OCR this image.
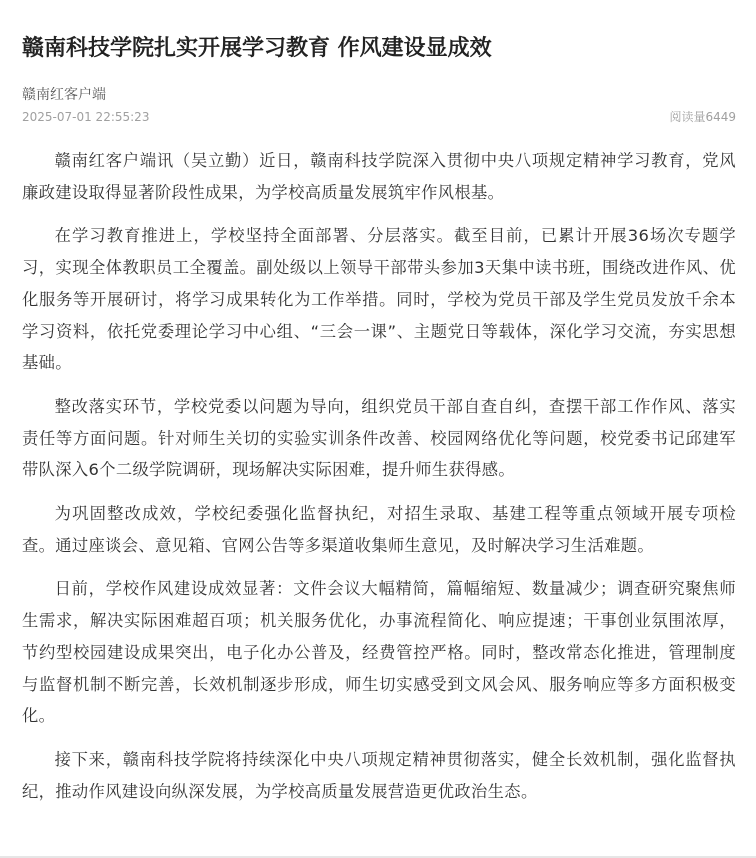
赣南科技学院扎实开展学习教育 作风建设显成效
赣南红客户端
2025-07-01 22:55:23	阅读量6449

赣南红客户端讯（吴立勤）近日，赣南科技学院深入贯彻中央八项规定精神学习教育，党风廉政建设取得显著阶段性成果，为学校高质量发展筑牢作风根基。

在学习教育推进上，学校坚持全面部署、分层落实。截至目前，已累计开展36场次专题学习，实现全体教职员工全覆盖。副处级以上领导干部带头参加3天集中读书班，围绕改进作风、优化服务等开展研讨，将学习成果转化为工作举措。同时，学校为党员干部及学生党员发放千余本学习资料，依托党委理论学习中心组、“三会一课”、主题党日等载体，深化学习交流，夯实思想基础。

整改落实环节，学校党委以问题为导向，组织党员干部自查自纠，查摆干部工作作风、落实责任等方面问题。针对师生关切的实验实训条件改善、校园网络优化等问题，校党委书记邱建军带队深入6个二级学院调研，现场解决实际困难，提升师生获得感。

为巩固整改成效，学校纪委强化监督执纪，对招生录取、基建工程等重点领域开展专项检查。通过座谈会、意见箱、官网公告等多渠道收集师生意见，及时解决学习生活难题。

日前，学校作风建设成效显著：文件会议大幅精简，篇幅缩短、数量减少；调查研究聚焦师生需求，解决实际困难超百项；机关服务优化，办事流程简化、响应提速；干事创业氛围浓厚，节约型校园建设成果突出，电子化办公普及，经费管控严格。同时，整改常态化推进，管理制度与监督机制不断完善，长效机制逐步形成，师生切实感受到文风会风、服务响应等多方面积极变化。

接下来，赣南科技学院将持续深化中央八项规定精神贯彻落实，健全长效机制，强化监督执纪，推动作风建设向纵深发展，为学校高质量发展营造更优政治生态。
